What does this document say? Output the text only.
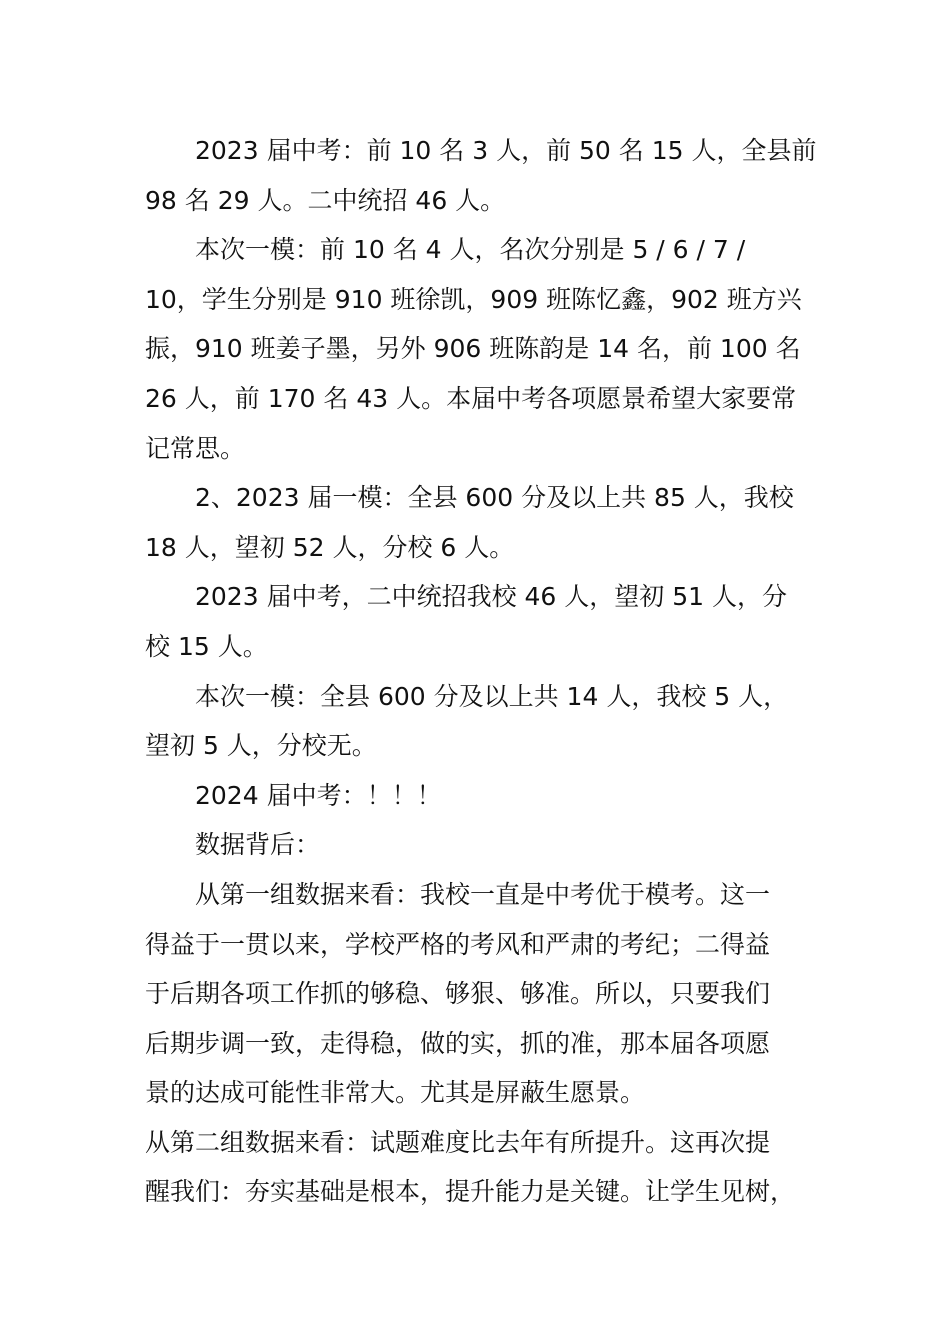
2023 届中考：前 10 名 3 人，前 50 名 15 人，全县前
98 名 29 人。二中统招 46 人。

本次一模：前 10 名 4 人，名次分别是 5 / 6 / 7 /
10，学生分别是 910 班徐凯，909 班陈忆鑫，902 班方兴
振，910 班姜子墨，另外 906 班陈韵是 14 名，前 100 名
26 人，前 170 名 43 人。本届中考各项愿景希望大家要常
记常思。

2、2023 届一模：全县 600 分及以上共 85 人，我校
18 人，望初 52 人，分校 6 人。

2023 届中考，二中统招我校 46 人，望初 51 人，分
校 15 人。

本次一模：全县 600 分及以上共 14 人，我校 5 人，
望初 5 人，分校无。

2024 届中考：！！！

数据背后：

从第一组数据来看：我校一直是中考优于模考。这一
得益于一贯以来，学校严格的考风和严肃的考纪；二得益
于后期各项工作抓的够稳、够狠、够准。所以，只要我们
后期步调一致，走得稳，做的实，抓的准，那本届各项愿
景的达成可能性非常大。尤其是屏蔽生愿景。

从第二组数据来看：试题难度比去年有所提升。这再次提
醒我们：夯实基础是根本，提升能力是关键。让学生见树，
